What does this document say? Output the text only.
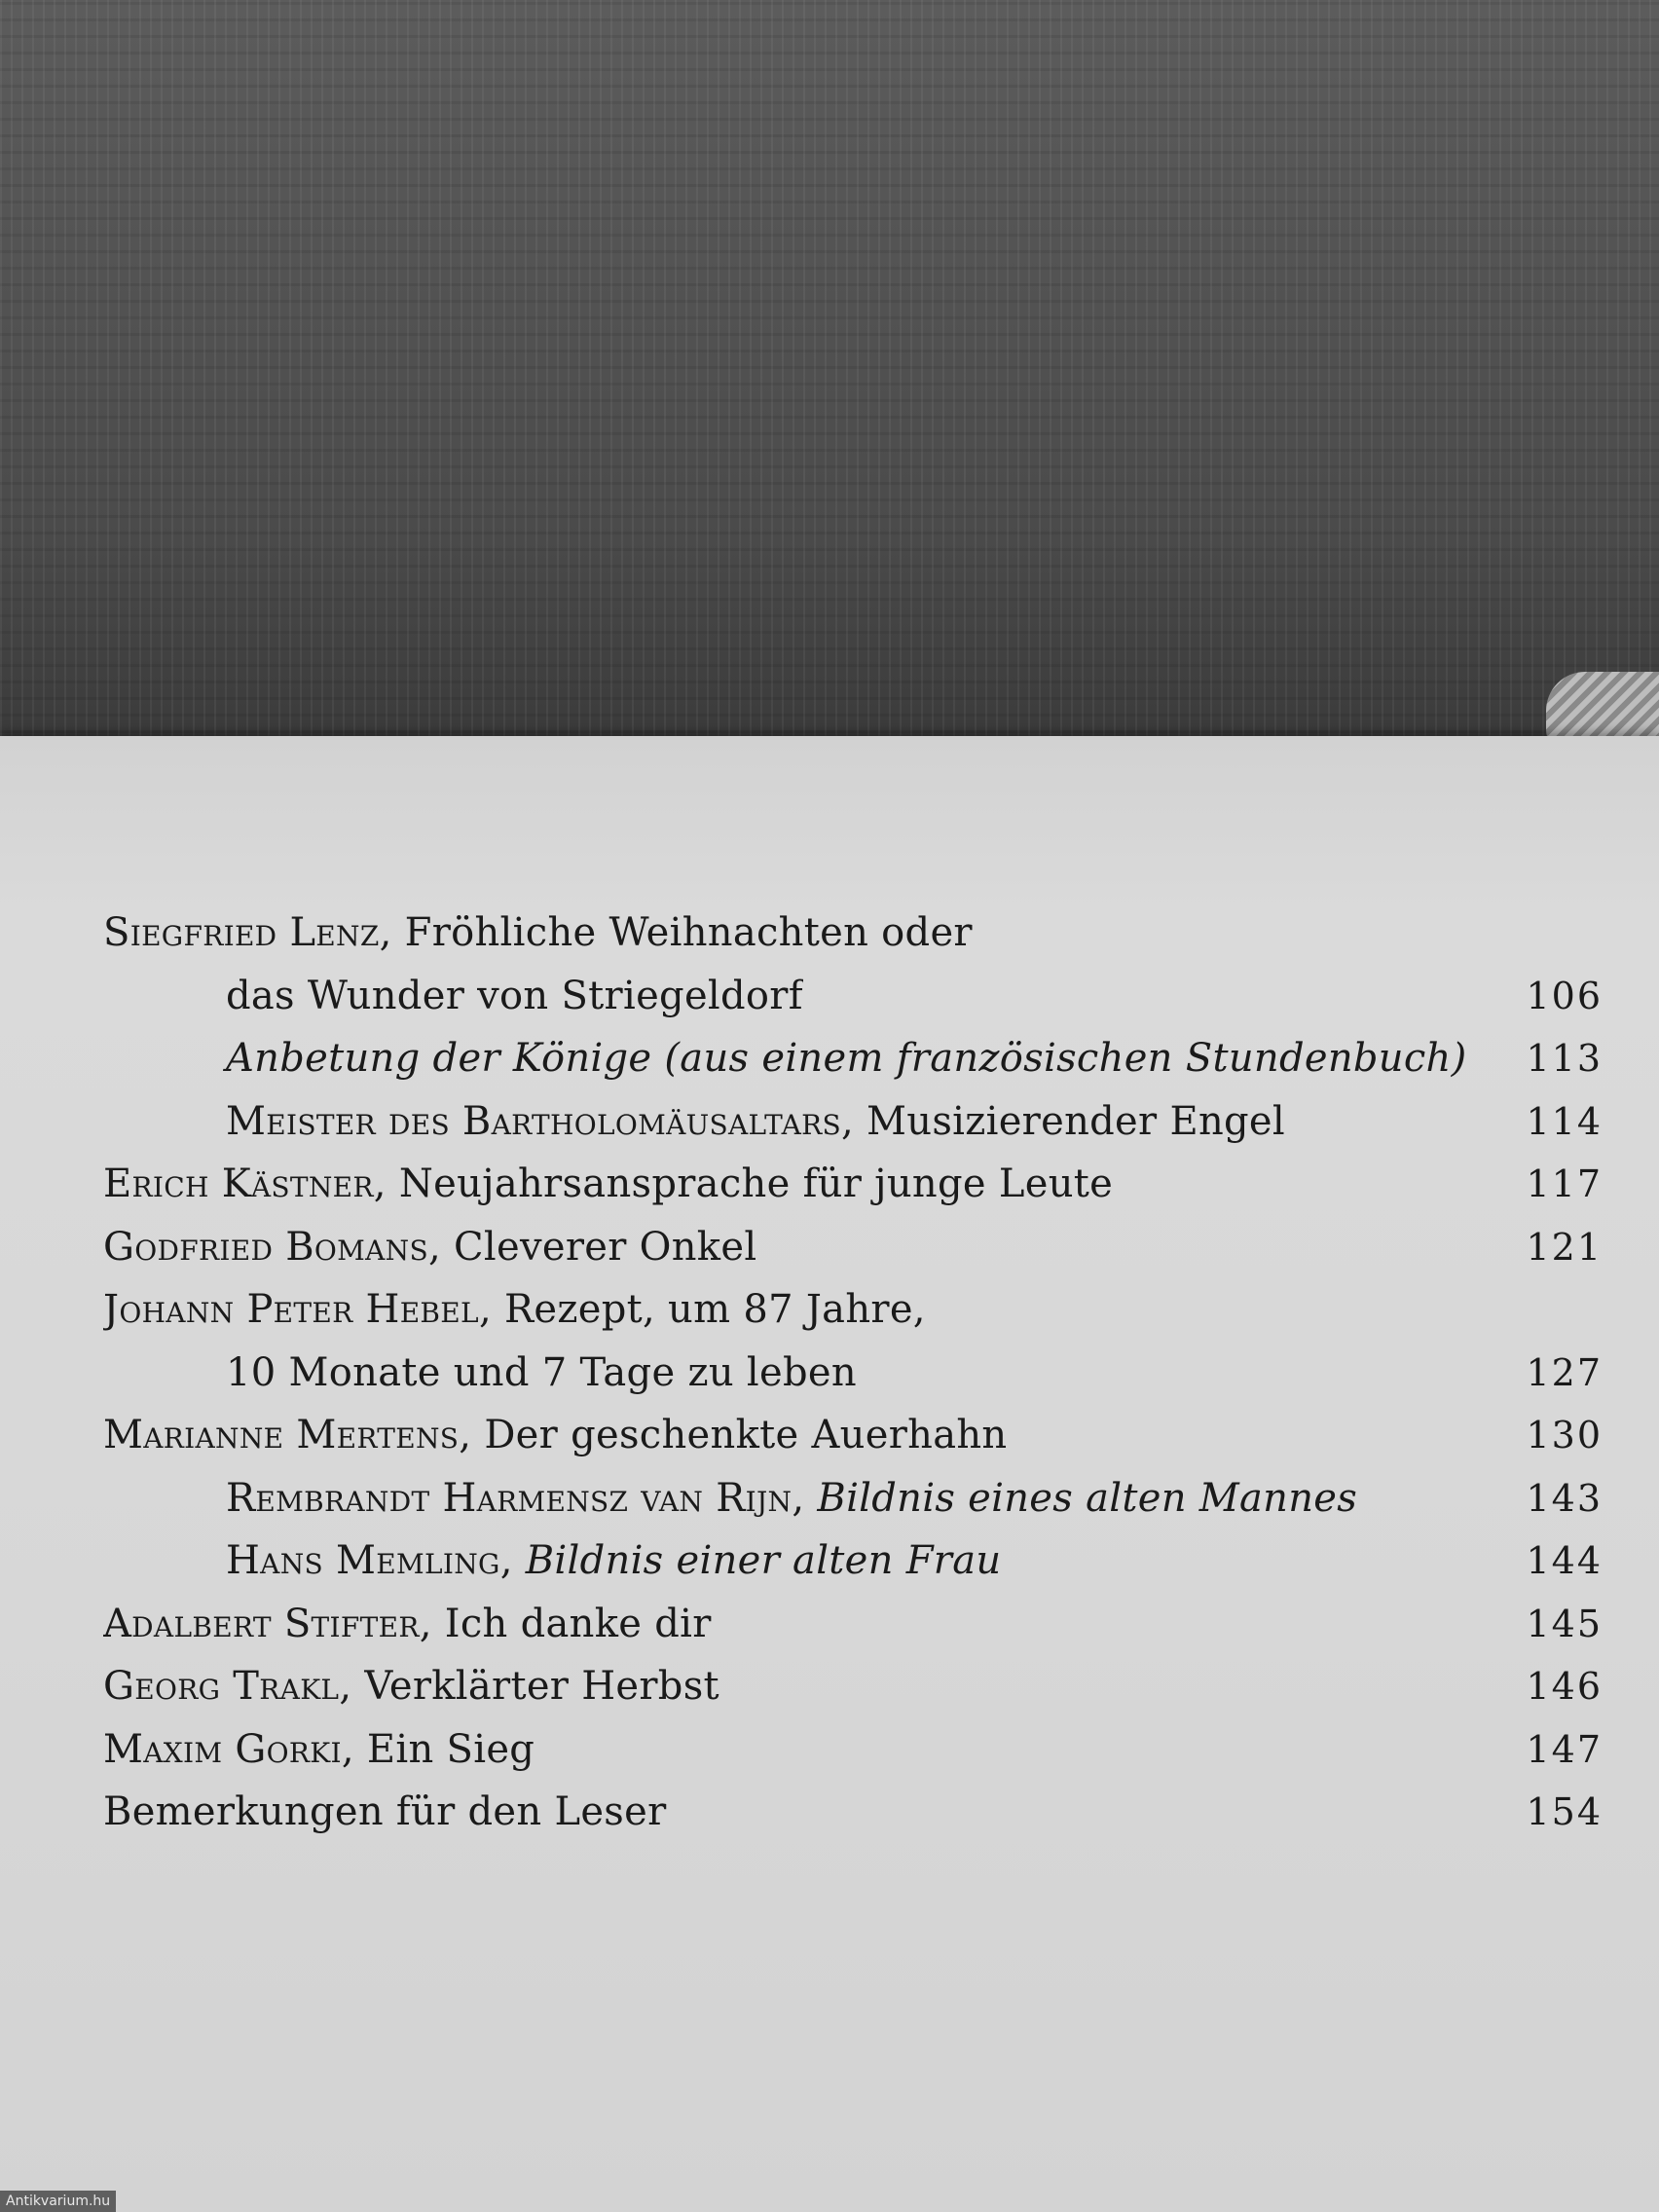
Siegfried Lenz, Fröhliche Weihnachten oder
das Wunder von Striegeldorf	106
Anbetung der Könige (aus einem französischen Stundenbuch) 113
Meister des Bartholomäusaltars, Musizierender Engel	114
Erich Kästner, Neujahrsansprache für junge Leute	117
Godfried Bomans, Cleverer Onkel	121
Johann Peter Hebel, Rezept, um 87 Jahre,
10 Monate und 7 Tage zu leben	127
Marianne Mertens, Der geschenkte Auerhahn	130
Rembrandt Harmensz van Rijn, Bildnis eines alten Mannes	143
Hans Memling, Bildnis einer alten Frau	144
Adalbert Stifter, Ich danke dir	145
Georg Trakl, Verklärter Herbst	146
Maxim Gorki, Ein Sieg	147
Bemerkungen für den Leser	154
Antikvarium.hu
